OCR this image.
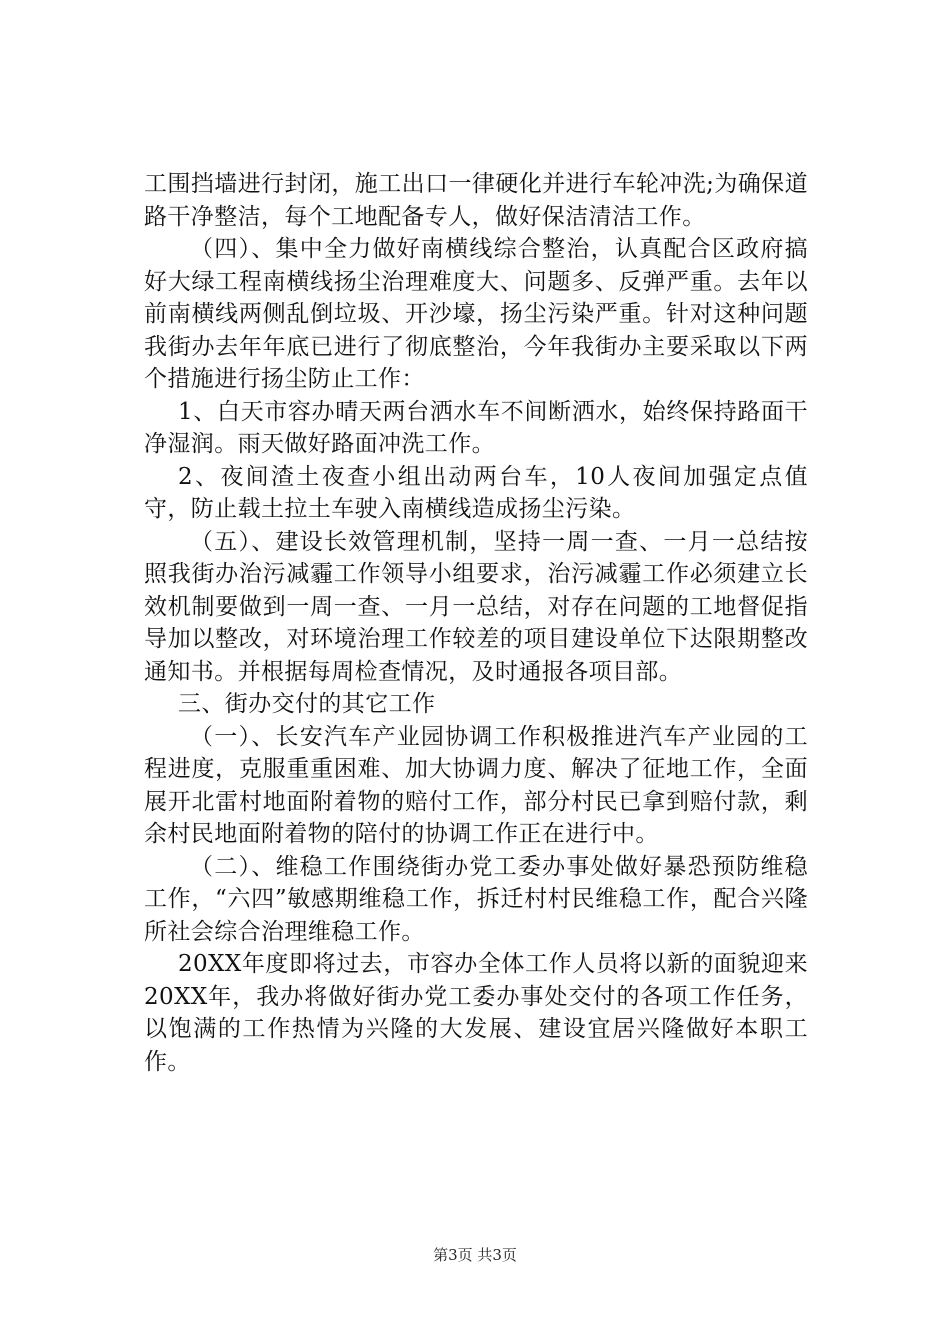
工围挡墙进行封闭，施工出口一律硬化并进行车轮冲洗;为确保道路干净整洁，每个工地配备专人，做好保洁清洁工作。

（四）、集中全力做好南横线综合整治，认真配合区政府搞好大绿工程南横线扬尘治理难度大、问题多、反弹严重。去年以前南横线两侧乱倒垃圾、开沙壕，扬尘污染严重。针对这种问题我街办去年年底已进行了彻底整治，今年我街办主要采取以下两个措施进行扬尘防止工作：

1、白天市容办晴天两台洒水车不间断洒水，始终保持路面干净湿润。雨天做好路面冲洗工作。

2、夜间渣土夜查小组出动两台车，10人夜间加强定点值守，防止载土拉土车驶入南横线造成扬尘污染。

（五）、建设长效管理机制，坚持一周一查、一月一总结按照我街办治污减霾工作领导小组要求，治污减霾工作必须建立长效机制要做到一周一查、一月一总结，对存在问题的工地督促指导加以整改，对环境治理工作较差的项目建设单位下达限期整改通知书。并根据每周检查情况，及时通报各项目部。

三、街办交付的其它工作

（一）、长安汽车产业园协调工作积极推进汽车产业园的工程进度，克服重重困难、加大协调力度、解决了征地工作，全面展开北雷村地面附着物的赔付工作，部分村民已拿到赔付款，剩余村民地面附着物的陪付的协调工作正在进行中。

（二）、维稳工作围绕街办党工委办事处做好暴恐预防维稳工作，“六四”敏感期维稳工作，拆迁村村民维稳工作，配合兴隆所社会综合治理维稳工作。

20XX年度即将过去，市容办全体工作人员将以新的面貌迎来20XX年，我办将做好街办党工委办事处交付的各项工作任务，以饱满的工作热情为兴隆的大发展、建设宜居兴隆做好本职工作。

第3页 共3页
